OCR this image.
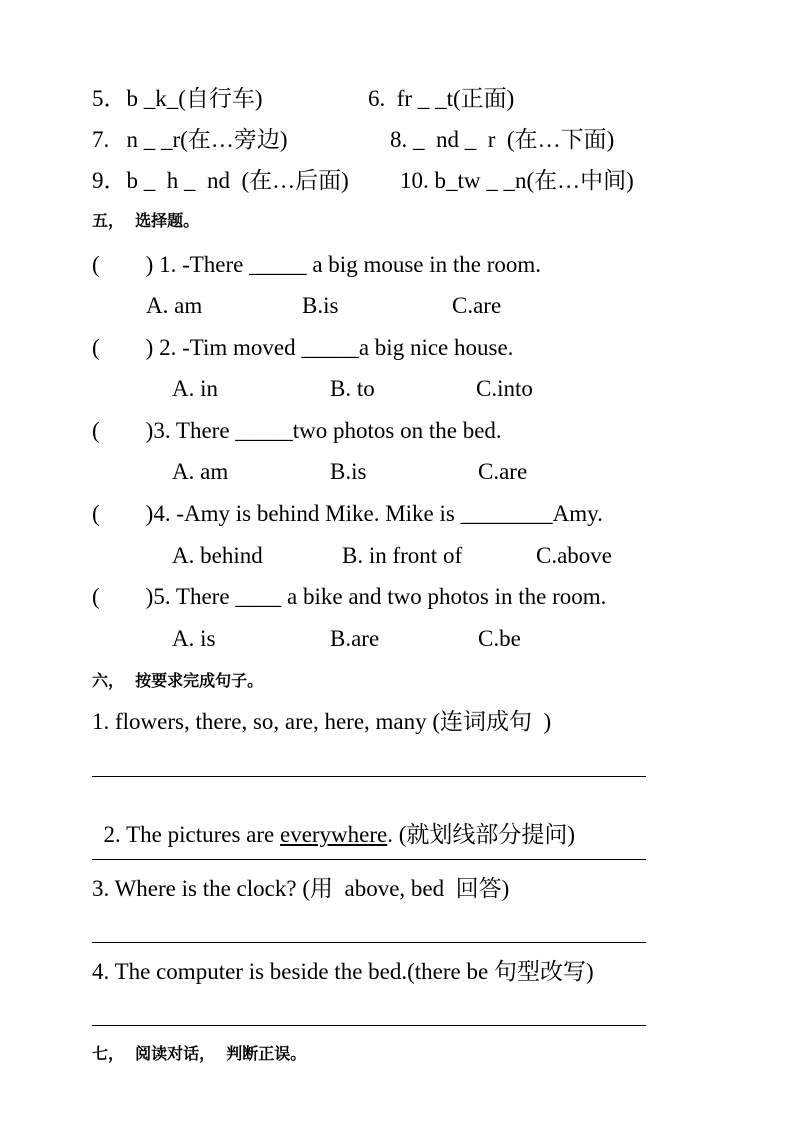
5．b _k_(自行车)	6.  fr _ _t(正面)
7.   n _ _r(在…旁边)	8. _  nd _  r  (在…下面)
9．b _  h _  nd  (在…后面) 10. b_tw _ _n(在…中间)
五，  选择题。
(        ) 1. -There _____ a big mouse in the room.
A. am	B.is	C.are
(        ) 2. -Tim moved _____a big nice house.
A. in	B. to	C.into
(        )3. There _____two photos on the bed.
A. am	B.is	C.are
(        )4. -Amy is behind Mike. Mike is ________Amy.
A. behind	B. in front of	C.above
(        )5. There ____ a bike and two photos in the room.
A. is	B.are	C.be
六，  按要求完成句子。
1. flowers, there, so, are, here, many (连词成句  )

2. The pictures are everywhere. (就划线部分提问)

3. Where is the clock? (用  above, bed  回答)
4. The computer is beside the bed.(there be 句型改写)
七，  阅读对话，  判断正误。
